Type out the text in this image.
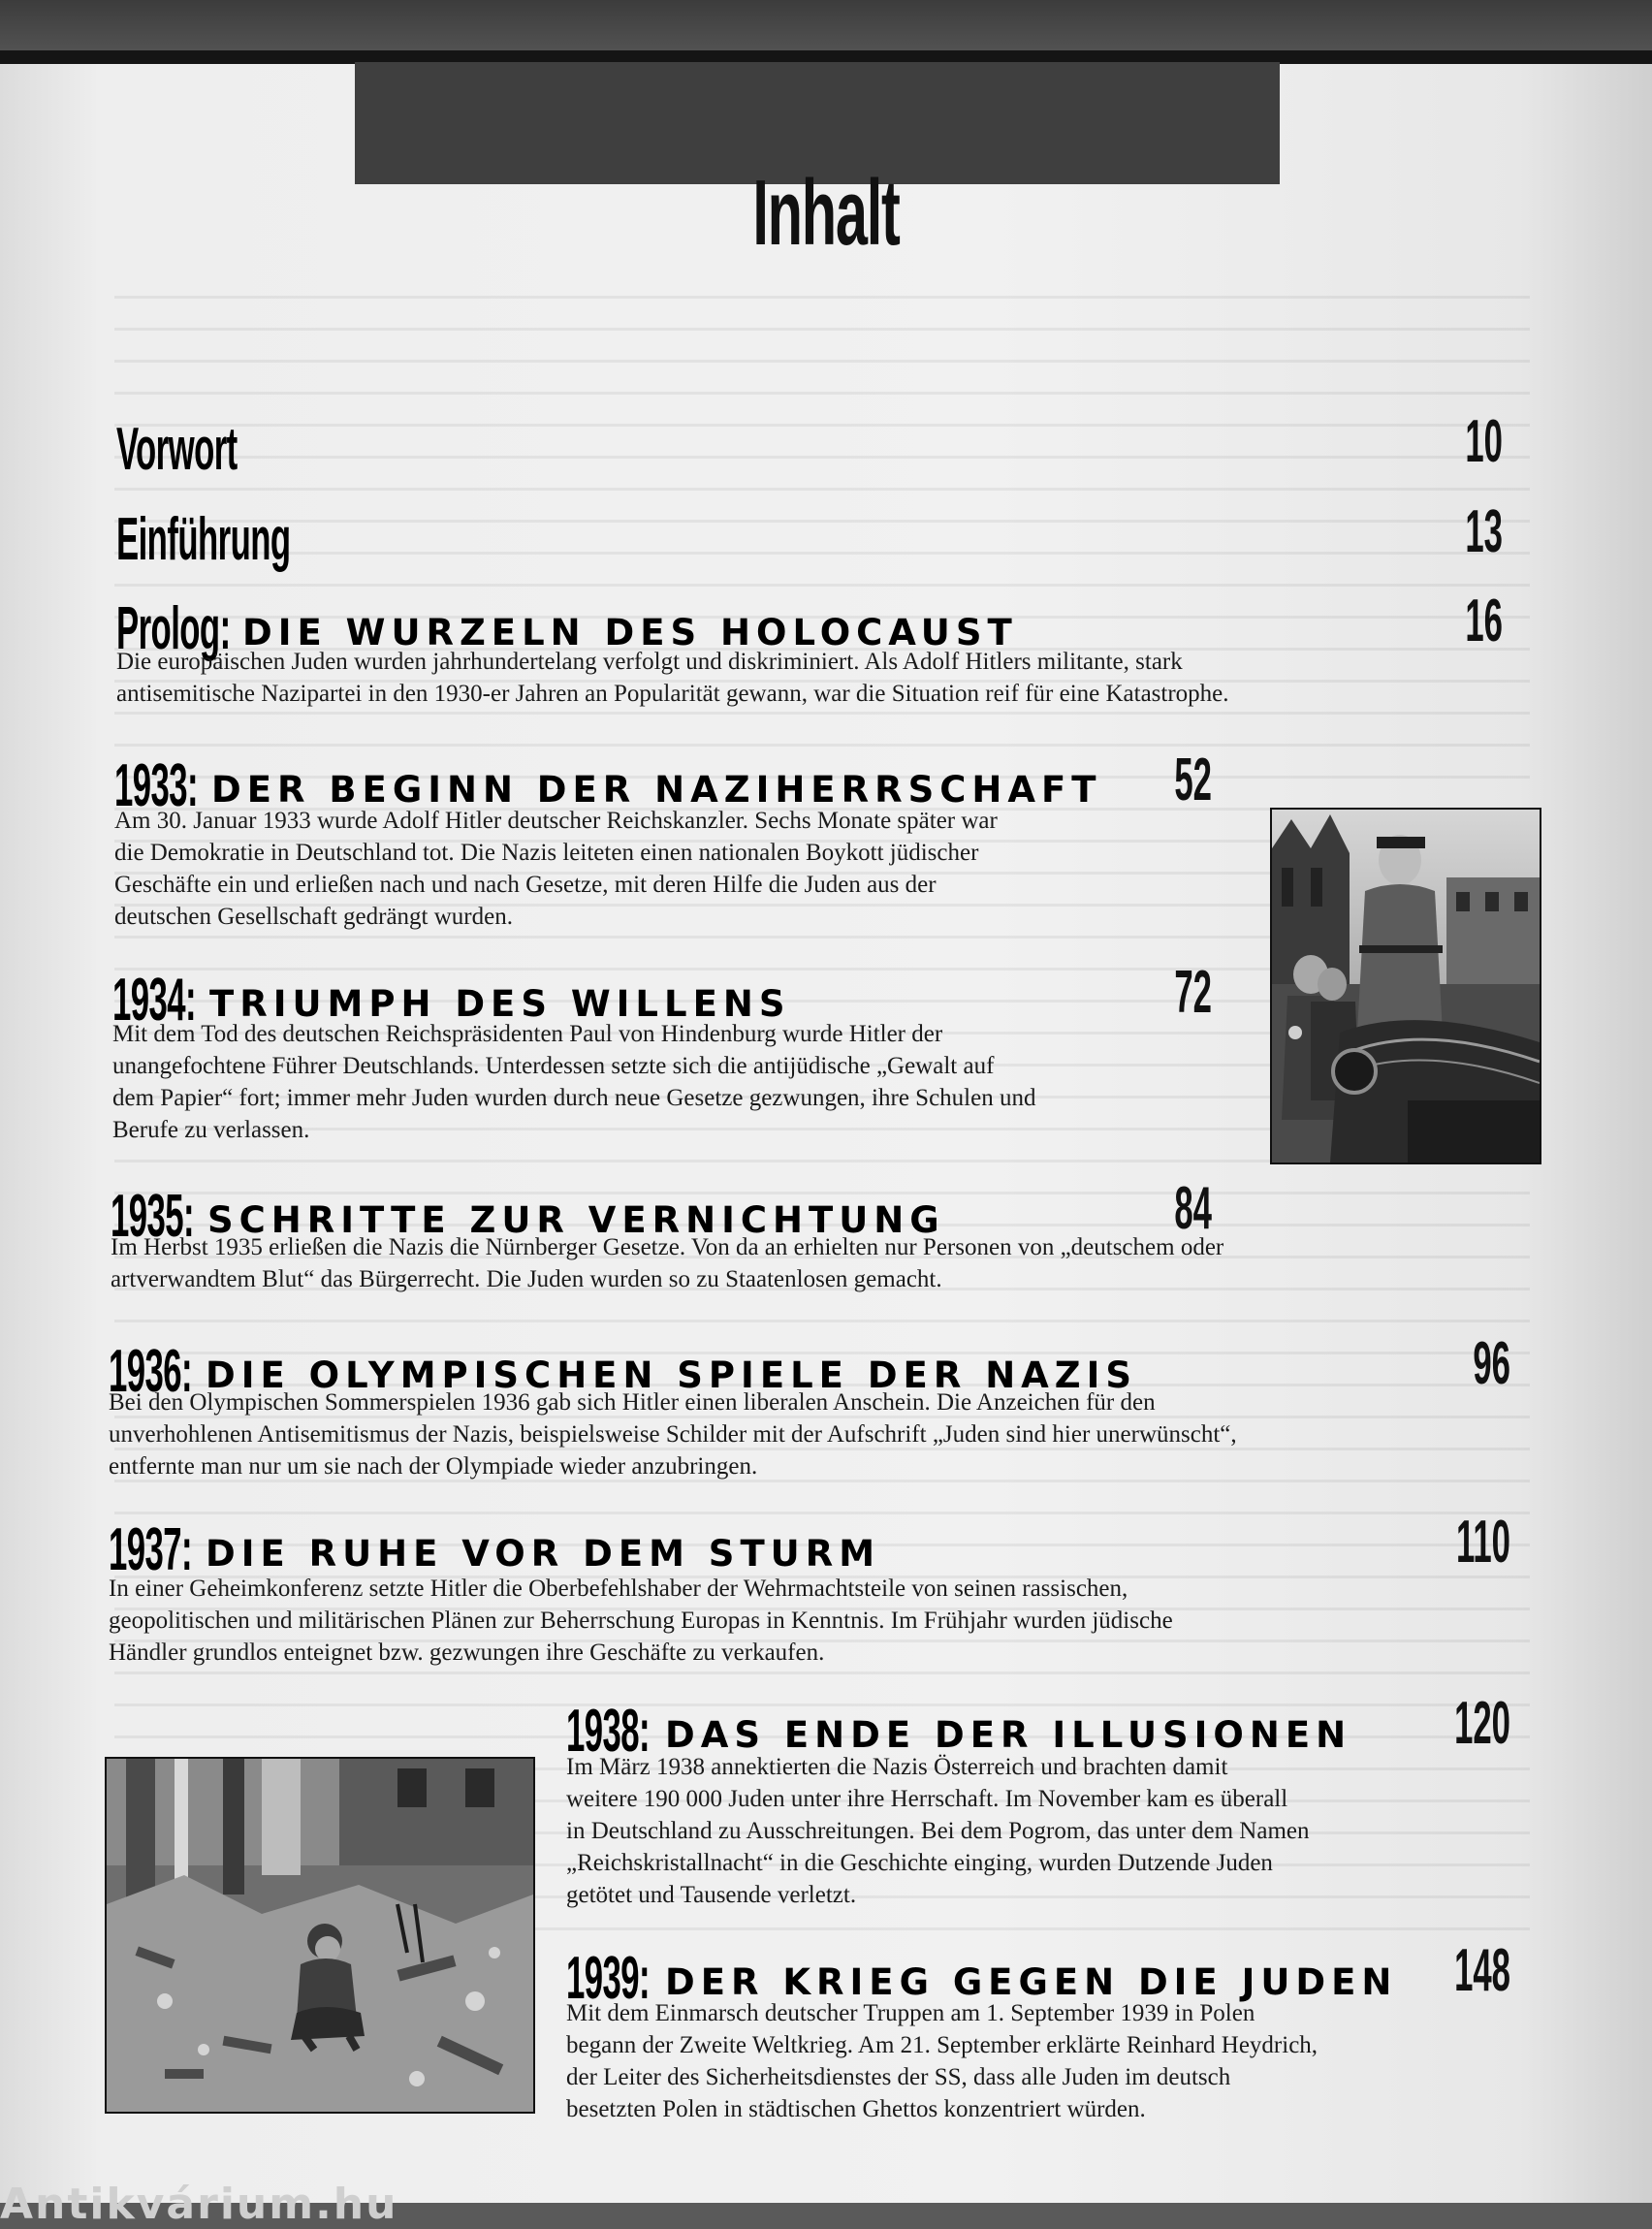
Inhalt
Vorwort	10
Einführung	13
Prolog: DIE WURZELN DES HOLOCAUST	16
Die europäischen Juden wurden jahrhundertelang verfolgt und diskriminiert. Als Adolf Hitlers militante, stark
antisemitische Nazipartei in den 1930-er Jahren an Popularität gewann, war die Situation reif für eine Katastrophe.
1933: DER BEGINN DER NAZIHERRSCHAFT	52
Am 30. Januar 1933 wurde Adolf Hitler deutscher Reichskanzler. Sechs Monate später war
die Demokratie in Deutschland tot. Die Nazis leiteten einen nationalen Boykott jüdischer
Geschäfte ein und erließen nach und nach Gesetze, mit deren Hilfe die Juden aus der
deutschen Gesellschaft gedrängt wurden.
1934: TRIUMPH DES WILLENS	72
Mit dem Tod des deutschen Reichspräsidenten Paul von Hindenburg wurde Hitler der
unangefochtene Führer Deutschlands. Unterdessen setzte sich die antijüdische „Gewalt auf
dem Papier“ fort; immer mehr Juden wurden durch neue Gesetze gezwungen, ihre Schulen und
Berufe zu verlassen.
1935: SCHRITTE ZUR VERNICHTUNG	84
Im Herbst 1935 erließen die Nazis die Nürnberger Gesetze. Von da an erhielten nur Personen von „deutschem oder
artverwandtem Blut“ das Bürgerrecht. Die Juden wurden so zu Staatenlosen gemacht.
1936: DIE OLYMPISCHEN SPIELE DER NAZIS	96
Bei den Olympischen Sommerspielen 1936 gab sich Hitler einen liberalen Anschein. Die Anzeichen für den
unverhohlenen Antisemitismus der Nazis, beispielsweise Schilder mit der Aufschrift „Juden sind hier unerwünscht“,
entfernte man nur um sie nach der Olympiade wieder anzubringen.
1937: DIE RUHE VOR DEM STURM	110
In einer Geheimkonferenz setzte Hitler die Oberbefehlshaber der Wehrmachtsteile von seinen rassischen,
geopolitischen und militärischen Plänen zur Beherrschung Europas in Kenntnis. Im Frühjahr wurden jüdische
Händler grundlos enteignet bzw. gezwungen ihre Geschäfte zu verkaufen.
1938: DAS ENDE DER ILLUSIONEN	120
Im März 1938 annektierten die Nazis Österreich und brachten damit
weitere 190 000 Juden unter ihre Herrschaft. Im November kam es überall
in Deutschland zu Ausschreitungen. Bei dem Pogrom, das unter dem Namen
„Reichskristallnacht“ in die Geschichte einging, wurden Dutzende Juden
getötet und Tausende verletzt.
1939: DER KRIEG GEGEN DIE JUDEN 148
Mit dem Einmarsch deutscher Truppen am 1. September 1939 in Polen
begann der Zweite Weltkrieg. Am 21. September erklärte Reinhard Heydrich,
der Leiter des Sicherheitsdienstes der SS, dass alle Juden im deutsch
besetzten Polen in städtischen Ghettos konzentriert würden.
Antikvárium.hu
